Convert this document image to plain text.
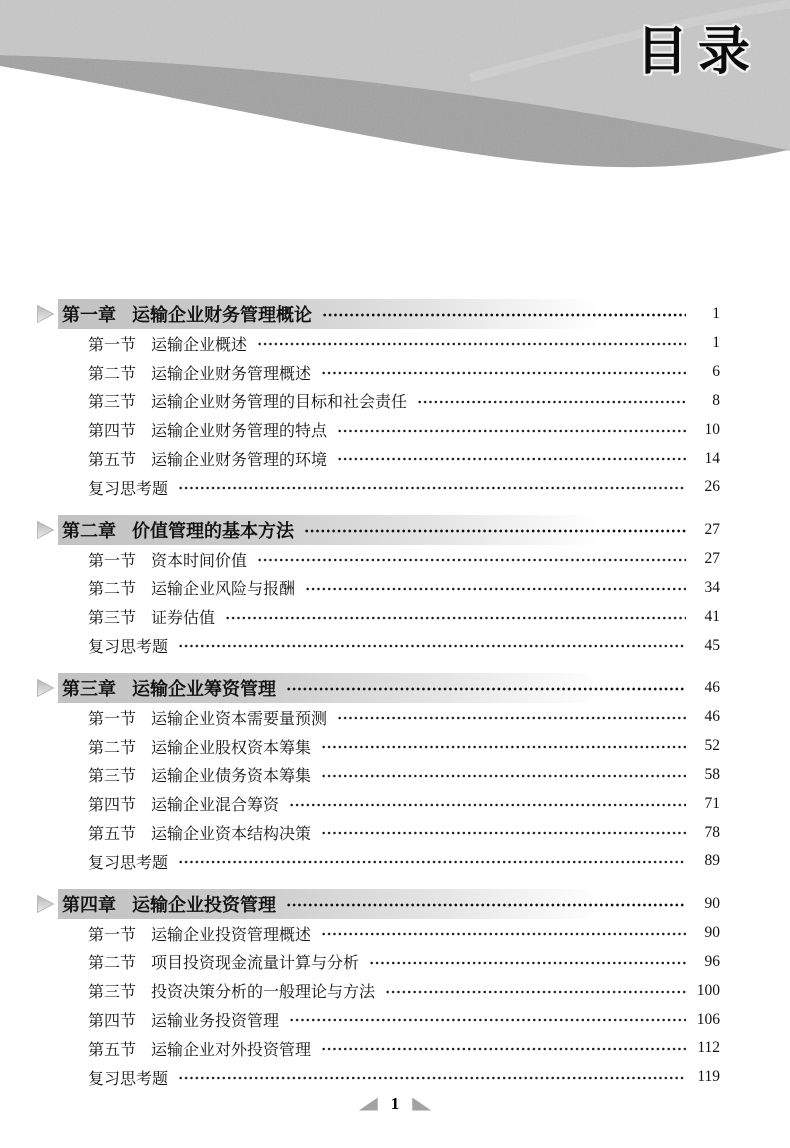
目录
第一章 运输企业财务管理概论	1
第一节 运输企业概述	1
第二节 运输企业财务管理概述	6
第三节 运输企业财务管理的目标和社会责任	8
第四节 运输企业财务管理的特点	10
第五节 运输企业财务管理的环境	14
复习思考题	26
第二章 价值管理的基本方法	27
第一节 资本时间价值	27
第二节 运输企业风险与报酬	34
第三节 证券估值	41
复习思考题	45
第三章 运输企业筹资管理	46
第一节 运输企业资本需要量预测	46
第二节 运输企业股权资本筹集	52
第三节 运输企业债务资本筹集	58
第四节 运输企业混合筹资	71
第五节 运输企业资本结构决策	78
复习思考题	89
第四章 运输企业投资管理	90
第一节 运输企业投资管理概述	90
第二节 项目投资现金流量计算与分析	96
第三节 投资决策分析的一般理论与方法	100
第四节 运输业务投资管理	106
第五节 运输企业对外投资管理	112
复习思考题	119
1
